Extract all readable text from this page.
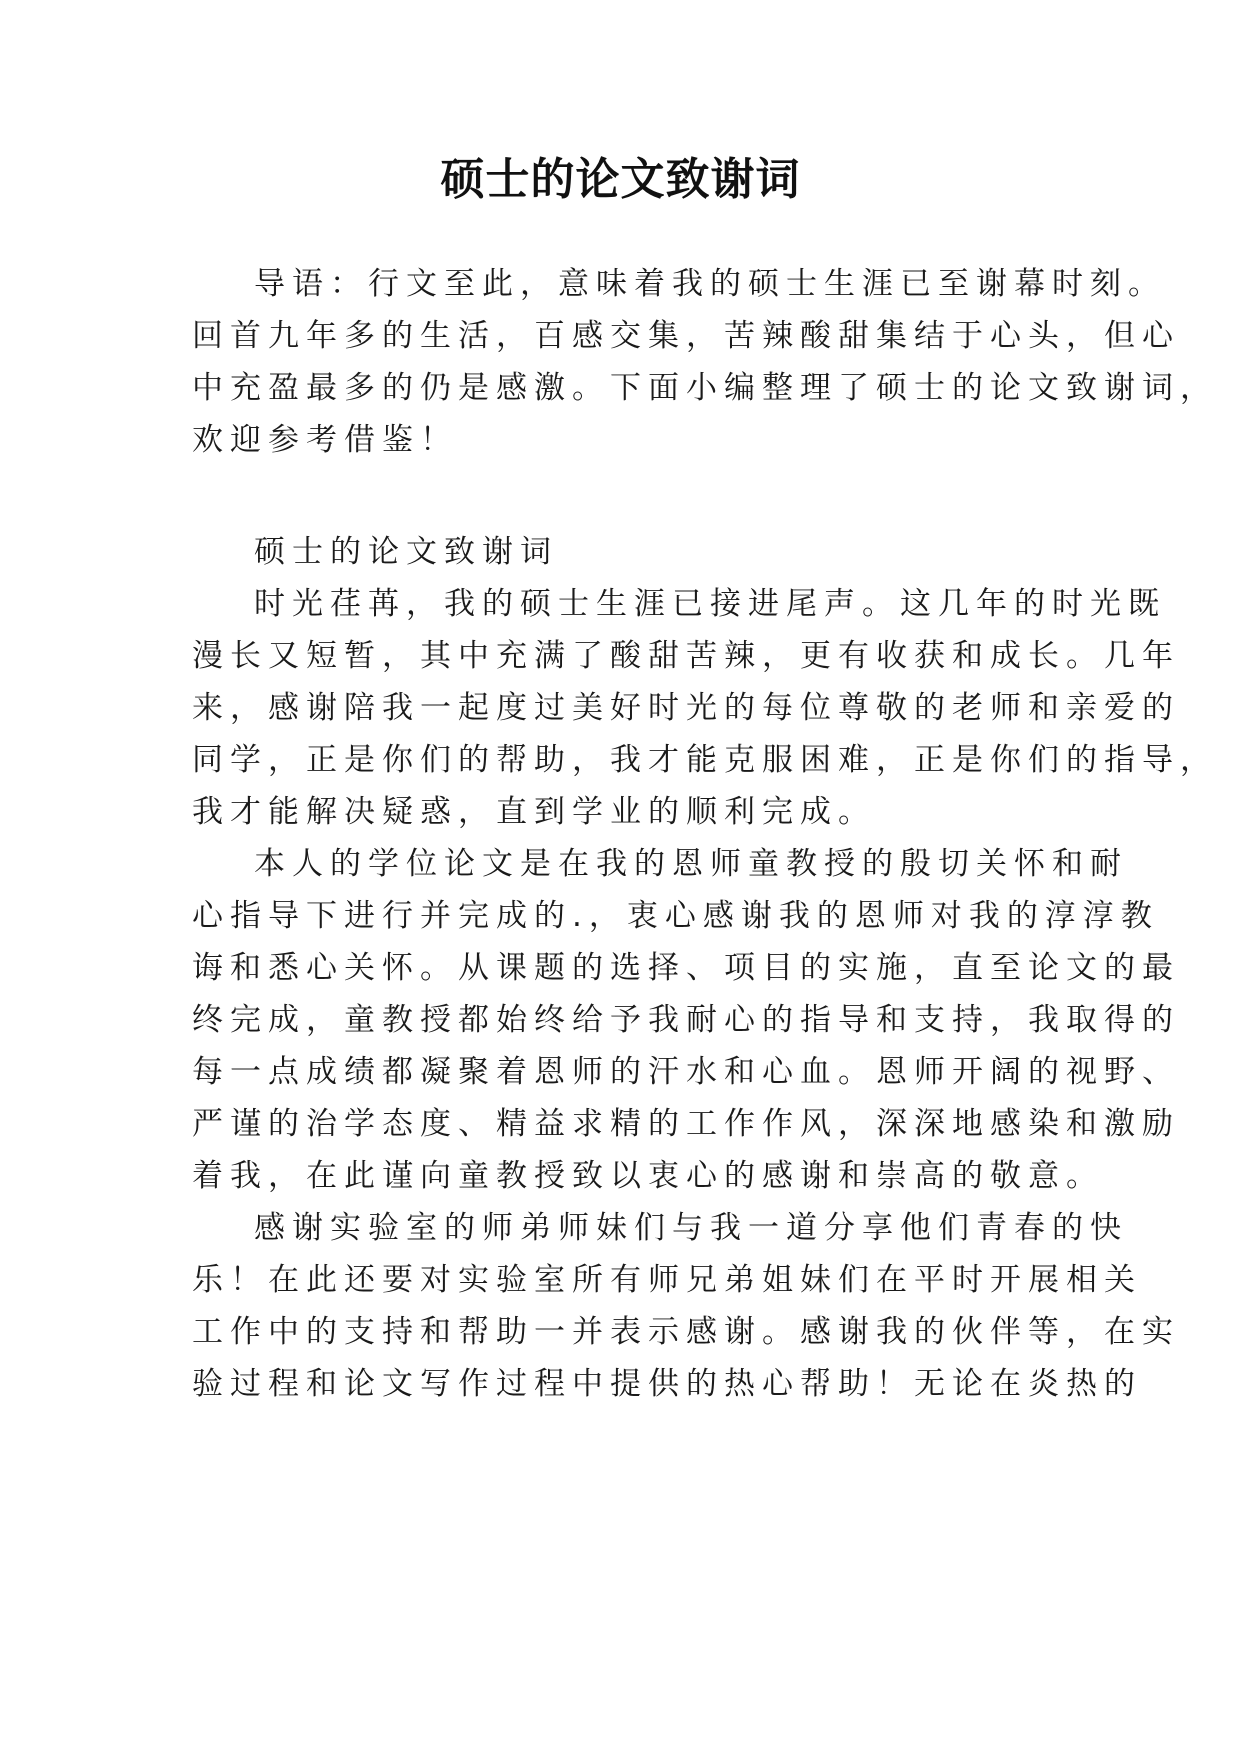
硕士的论文致谢词

导语：行文至此，意味着我的硕士生涯已至谢幕时刻。
回首九年多的生活，百感交集，苦辣酸甜集结于心头，但心
中充盈最多的仍是感激。下面小编整理了硕士的论文致谢词，
欢迎参考借鉴！

硕士的论文致谢词

时光荏苒，我的硕士生涯已接进尾声。这几年的时光既
漫长又短暂，其中充满了酸甜苦辣，更有收获和成长。几年
来，感谢陪我一起度过美好时光的每位尊敬的老师和亲爱的
同学，正是你们的帮助，我才能克服困难，正是你们的指导，
我才能解决疑惑，直到学业的顺利完成。

本人的学位论文是在我的恩师童教授的殷切关怀和耐
心指导下进行并完成的.，衷心感谢我的恩师对我的淳淳教
诲和悉心关怀。从课题的选择、项目的实施，直至论文的最
终完成，童教授都始终给予我耐心的指导和支持，我取得的
每一点成绩都凝聚着恩师的汗水和心血。恩师开阔的视野、
严谨的治学态度、精益求精的工作作风，深深地感染和激励
着我，在此谨向童教授致以衷心的感谢和崇高的敬意。

感谢实验室的师弟师妹们与我一道分享他们青春的快
乐！在此还要对实验室所有师兄弟姐妹们在平时开展相关
工作中的支持和帮助一并表示感谢。感谢我的伙伴等，在实
验过程和论文写作过程中提供的热心帮助！无论在炎热的
